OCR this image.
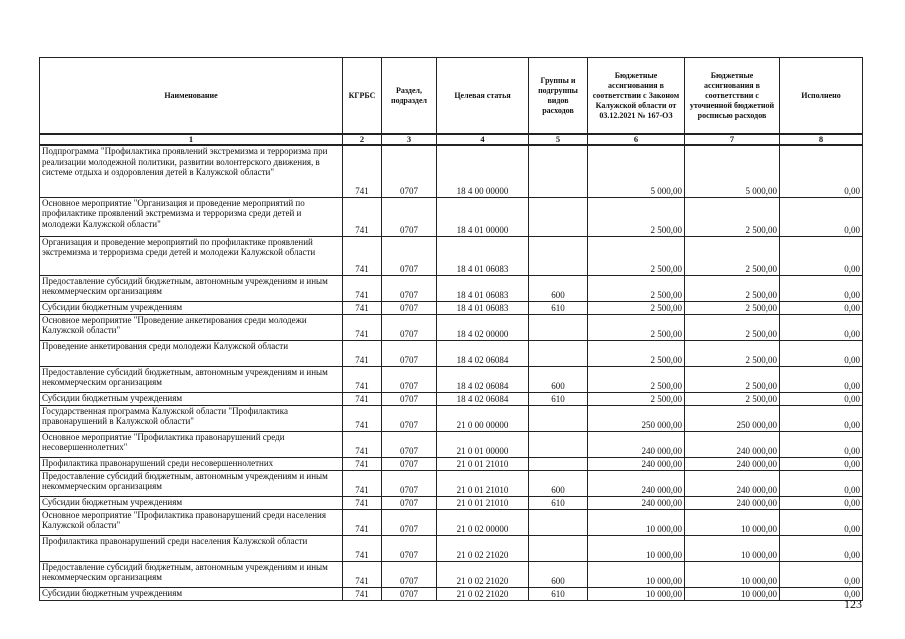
Наименование	КГРБС	Раздел, подраздел	Целевая статья	Группы и подгруппы видов расходов	Бюджетные ассигнования в соответствии с Законом Калужской области от 03.12.2021 № 167-ОЗ	Бюджетные ассигнования в соответствии с уточненной бюджетной росписью расходов	Исполнено
1	2	3	4	5	6	7	8
Подпрограмма "Профилактика проявлений экстремизма и терроризма при реализации молодежной политики, развитии волонтерского движения, в системе отдыха и оздоровления детей в Калужской области"	741	0707	18 4 00 00000		5 000,00	5 000,00	0,00
Основное мероприятие "Организация и проведение мероприятий по профилактике проявлений экстремизма и терроризма среди детей и молодежи Калужской области"	741	0707	18 4 01 00000		2 500,00	2 500,00	0,00
Организация и проведение мероприятий по профилактике проявлений экстремизма и терроризма среди детей и молодежи Калужской области	741	0707	18 4 01 06083		2 500,00	2 500,00	0,00
Предоставление субсидий бюджетным, автономным учреждениям и иным некоммерческим организациям	741	0707	18 4 01 06083	600	2 500,00	2 500,00	0,00
Субсидии бюджетным учреждениям	741	0707	18 4 01 06083	610	2 500,00	2 500,00	0,00
Основное мероприятие "Проведение анкетирования среди молодежи Калужской области"	741	0707	18 4 02 00000		2 500,00	2 500,00	0,00
Проведение анкетирования среди молодежи Калужской области	741	0707	18 4 02 06084		2 500,00	2 500,00	0,00
Предоставление субсидий бюджетным, автономным учреждениям и иным некоммерческим организациям	741	0707	18 4 02 06084	600	2 500,00	2 500,00	0,00
Субсидии бюджетным учреждениям	741	0707	18 4 02 06084	610	2 500,00	2 500,00	0,00
Государственная программа Калужской области "Профилактика правонарушений в Калужской области"	741	0707	21 0 00 00000		250 000,00	250 000,00	0,00
Основное мероприятие "Профилактика правонарушений среди несовершеннолетних"	741	0707	21 0 01 00000		240 000,00	240 000,00	0,00
Профилактика правонарушений среди несовершеннолетних	741	0707	21 0 01 21010		240 000,00	240 000,00	0,00
Предоставление субсидий бюджетным, автономным учреждениям и иным некоммерческим организациям	741	0707	21 0 01 21010	600	240 000,00	240 000,00	0,00
Субсидии бюджетным учреждениям	741	0707	21 0 01 21010	610	240 000,00	240 000,00	0,00
Основное мероприятие "Профилактика правонарушений среди населения Калужской области"	741	0707	21 0 02 00000		10 000,00	10 000,00	0,00
Профилактика правонарушений среди населения Калужской области	741	0707	21 0 02 21020		10 000,00	10 000,00	0,00
Предоставление субсидий бюджетным, автономным учреждениям и иным некоммерческим организациям	741	0707	21 0 02 21020	600	10 000,00	10 000,00	0,00
Субсидии бюджетным учреждениям	741	0707	21 0 02 21020	610	10 000,00	10 000,00	0,00
123
